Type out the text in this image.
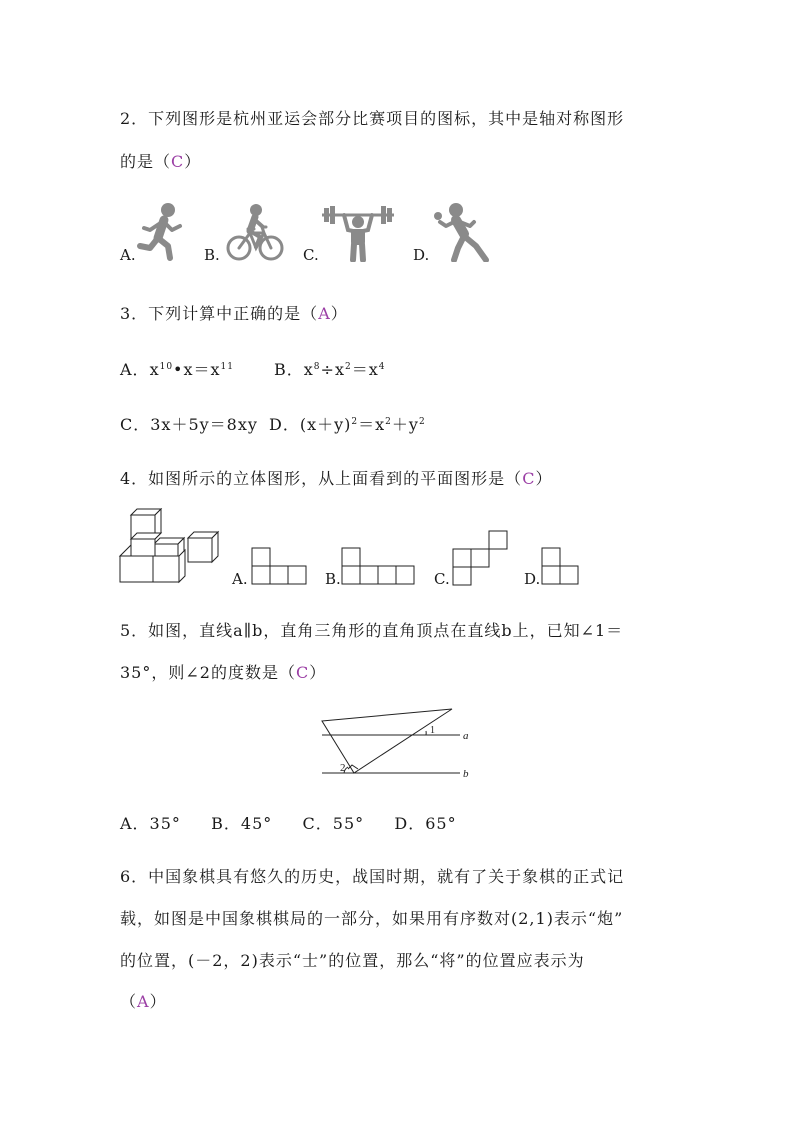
2．下列图形是杭州亚运会部分比赛项目的图标，其中是轴对称图形
的是（C）
A.	B.	C.	D.
3．下列计算中正确的是（A）
A．$x^{10}•x=x^{11}$	B．$x^8\div x^2=x^4$
C．3x＋5y＝8xy D．$(x+y)^2=x^2+y^2$
4．如图所示的立体图形，从上面看到的平面图形是（C）
A.	B.	C.	D.
5．如图，直线a∥b，直角三角形的直角顶点在直线b上，已知∠1＝
35°，则∠2的度数是（C）
a
b
1
2
A．35°   B．45°   C．55°   D．65°
6．中国象棋具有悠久的历史，战国时期，就有了关于象棋的正式记
载，如图是中国象棋棋局的一部分，如果用有序数对(2,1)表示“炮”
的位置，(－2，2)表示“士”的位置，那么“将”的位置应表示为
（A）
